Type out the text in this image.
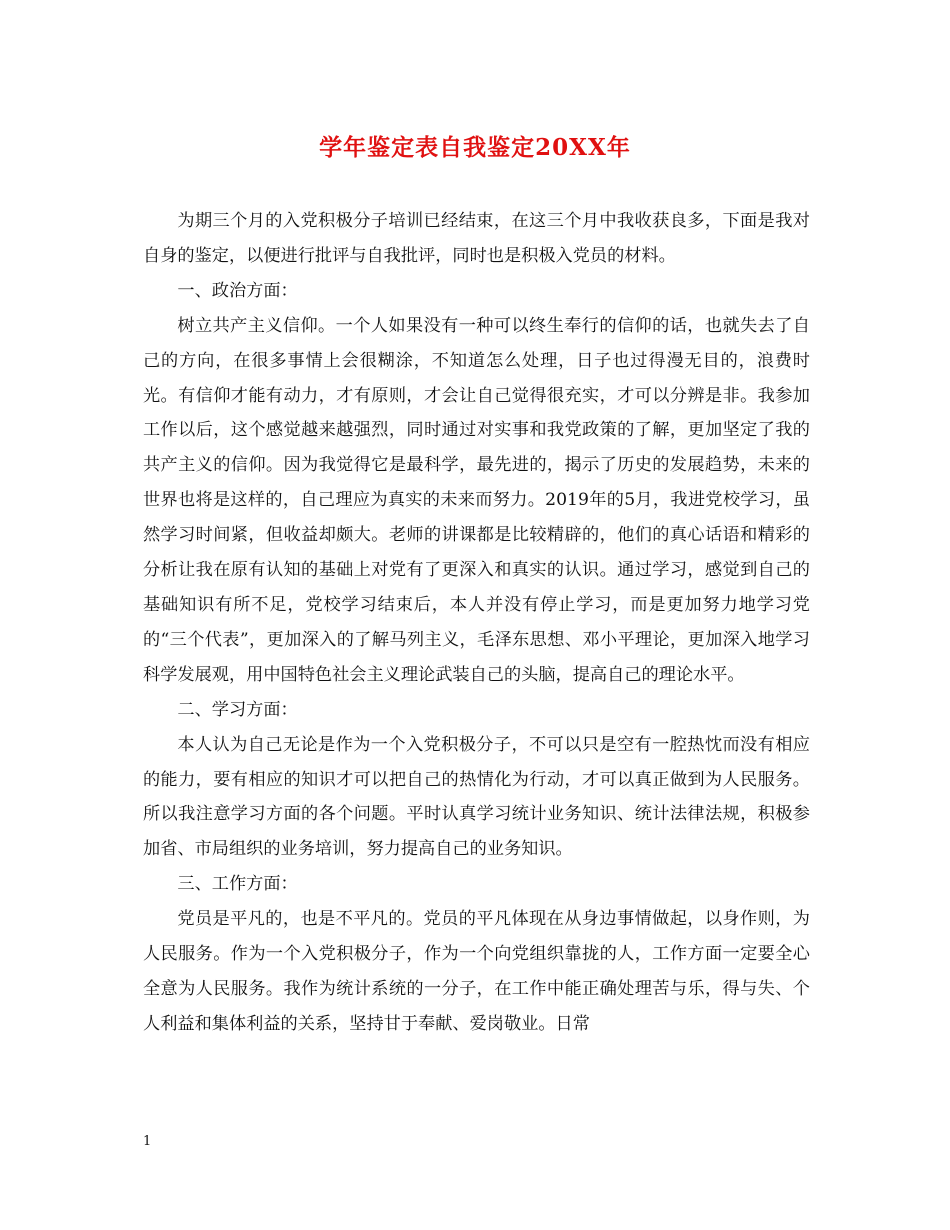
学年鉴定表自我鉴定20XX年

为期三个月的入党积极分子培训已经结束，在这三个月中我收获良多，下面是我对自身的鉴定，以便进行批评与自我批评，同时也是积极入党员的材料。

一、政治方面：

树立共产主义信仰。一个人如果没有一种可以终生奉行的信仰的话，也就失去了自己的方向，在很多事情上会很糊涂，不知道怎么处理，日子也过得漫无目的，浪费时光。有信仰才能有动力，才有原则，才会让自己觉得很充实，才可以分辨是非。我参加工作以后，这个感觉越来越强烈，同时通过对实事和我党政策的了解，更加坚定了我的共产主义的信仰。因为我觉得它是最科学，最先进的，揭示了历史的发展趋势，未来的世界也将是这样的，自己理应为真实的未来而努力。2019年的5月，我进党校学习，虽然学习时间紧，但收益却颇大。老师的讲课都是比较精辟的，他们的真心话语和精彩的分析让我在原有认知的基础上对党有了更深入和真实的认识。通过学习，感觉到自己的基础知识有所不足，党校学习结束后，本人并没有停止学习，而是更加努力地学习党的“三个代表”，更加深入的了解马列主义，毛泽东思想、邓小平理论，更加深入地学习科学发展观，用中国特色社会主义理论武装自己的头脑，提高自己的理论水平。

二、学习方面：

本人认为自己无论是作为一个入党积极分子，不可以只是空有一腔热忱而没有相应的能力，要有相应的知识才可以把自己的热情化为行动，才可以真正做到为人民服务。所以我注意学习方面的各个问题。平时认真学习统计业务知识、统计法律法规，积极参加省、市局组织的业务培训，努力提高自己的业务知识。

三、工作方面：

党员是平凡的，也是不平凡的。党员的平凡体现在从身边事情做起，以身作则，为人民服务。作为一个入党积极分子，作为一个向党组织靠拢的人，工作方面一定要全心全意为人民服务。我作为统计系统的一分子，在工作中能正确处理苦与乐，得与失、个人利益和集体利益的关系，坚持甘于奉献、爱岗敬业。日常

1
